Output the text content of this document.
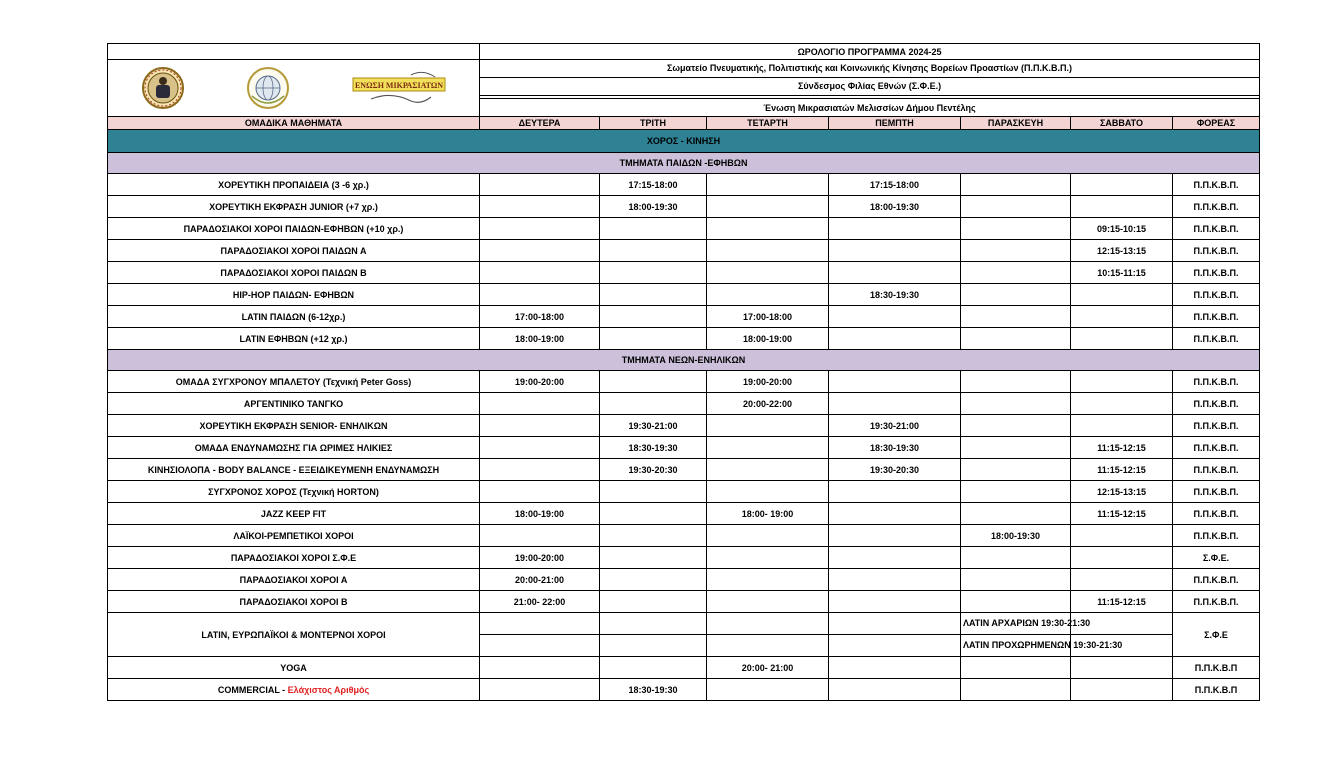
	ΩΡΟΛΟΓΙΟ ΠΡΟΓΡΑΜΜΑ 2024-25						

ΕΝΩΣΗ ΜΙΚΡΑΣΙΑΤΩΝ	Σωματείο Πνευματικής, Πολιτιστικής και Κοινωνικής Κίνησης Βορείων Προαστίων (Π.Π.Κ.Β.Π.)						
	Σύνδεσμος Φιλίας Εθνών (Σ.Φ.Ε.)						

	Ένωση Μικρασιατών Μελισσίων Δήμου Πεντέλης						
ΟΜΑΔΙΚΑ ΜΑΘΗΜΑΤΑ	ΔΕΥΤΕΡΑ	ΤΡΙΤΗ	ΤΕΤΑΡΤΗ	ΠΕΜΠΤΗ	ΠΑΡΑΣΚΕΥΗ	ΣΑΒΒΑΤΟ	ΦΟΡΕΑΣ
ΧΟΡΟΣ - ΚΙΝΗΣΗ							
ΤΜΗΜΑΤΑ ΠΑΙΔΩΝ -ΕΦΗΒΩΝ							
ΧΟΡΕΥΤΙΚΗ ΠΡΟΠΑΙΔΕΙΑ (3 -6 χρ.)		17:15-18:00		17:15-18:00			Π.Π.Κ.Β.Π.
ΧΟΡΕΥΤΙΚΗ ΕΚΦΡΑΣΗ JUNIOR (+7 χρ.)		18:00-19:30		18:00-19:30			Π.Π.Κ.Β.Π.
ΠΑΡΑΔΟΣΙΑΚΟΙ ΧΟΡΟΙ ΠΑΙΔΩΝ-ΕΦΗΒΩΝ (+10 χρ.)						09:15-10:15	Π.Π.Κ.Β.Π.
ΠΑΡΑΔΟΣΙΑΚΟΙ ΧΟΡΟΙ ΠΑΙΔΩΝ Α						12:15-13:15	Π.Π.Κ.Β.Π.
ΠΑΡΑΔΟΣΙΑΚΟΙ ΧΟΡΟΙ ΠΑΙΔΩΝ Β						10:15-11:15	Π.Π.Κ.Β.Π.
HIP-HOP ΠΑΙΔΩΝ- ΕΦΗΒΩΝ				18:30-19:30			Π.Π.Κ.Β.Π.
LATIN ΠΑΙΔΩΝ (6-12χρ.)	17:00-18:00		17:00-18:00				Π.Π.Κ.Β.Π.
LATIN ΕΦΗΒΩΝ (+12 χρ.)	18:00-19:00		18:00-19:00				Π.Π.Κ.Β.Π.
ΤΜΗΜΑΤΑ ΝΕΩΝ-ΕΝΗΛΙΚΩΝ							
ΟΜΑΔΑ ΣΥΓΧΡΟΝΟΥ ΜΠΑΛΕΤΟΥ (Τεχνική Peter Goss)	19:00-20:00		19:00-20:00				Π.Π.Κ.Β.Π.
ΑΡΓΕΝΤΙΝΙΚΟ ΤΑΝΓΚΟ			20:00-22:00				Π.Π.Κ.Β.Π.
ΧΟΡΕΥΤΙΚΗ ΕΚΦΡΑΣΗ SENIOR- ΕΝΗΛΙΚΩΝ		19:30-21:00		19:30-21:00			Π.Π.Κ.Β.Π.
ΟΜΑΔΑ ΕΝΔΥΝΑΜΩΣΗΣ ΓΙΑ ΩΡΙΜΕΣ ΗΛΙΚΙΕΣ		18:30-19:30		18:30-19:30		11:15-12:15	Π.Π.Κ.Β.Π.
ΚΙΝΗΣΙΟΛΟΠΑ - BODY BALANCE - ΕΞΕΙΔΙΚΕΥΜΕΝΗ ΕΝΔΥΝΑΜΩΣΗ		19:30-20:30		19:30-20:30		11:15-12:15	Π.Π.Κ.Β.Π.
ΣΥΓΧΡΟΝΟΣ ΧΟΡΟΣ (Τεχνική HORTON)						12:15-13:15	Π.Π.Κ.Β.Π.
JAZZ KEEP FIT	18:00-19:00		18:00- 19:00			11:15-12:15	Π.Π.Κ.Β.Π.
ΛΑΪΚΟΙ-ΡΕΜΠΕΤΙΚΟΙ ΧΟΡΟΙ					18:00-19:30		Π.Π.Κ.Β.Π.
ΠΑΡΑΔΟΣΙΑΚΟΙ ΧΟΡΟΙ Σ.Φ.Ε	19:00-20:00						Σ.Φ.Ε.
ΠΑΡΑΔΟΣΙΑΚΟΙ ΧΟΡΟΙ Α	20:00-21:00						Π.Π.Κ.Β.Π.
ΠΑΡΑΔΟΣΙΑΚΟΙ ΧΟΡΟΙ Β	21:00- 22:00					11:15-12:15	Π.Π.Κ.Β.Π.
LATIN, ΕΥΡΩΠΑΪΚΟΙ & ΜΟΝΤΕΡΝΟΙ ΧΟΡΟΙ					ΛΑΤΙΝ ΑΡΧΑΡΙΩΝ 19:30-21:30		Σ.Φ.Ε
					ΛΑΤΙΝ ΠΡΟΧΩΡΗΜΕΝΩΝ 19:30-21:30		
YOGA			20:00- 21:00				Π.Π.Κ.Β.Π
COMMERCIAL - Ελάχιστος Αριθμός		18:30-19:30					Π.Π.Κ.Β.Π
